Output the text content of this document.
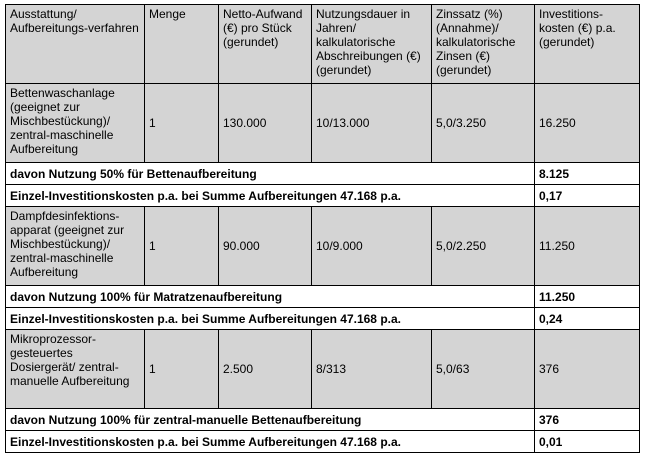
Ausstattung/ Aufbereitungs-verfahren	Menge	Netto-Aufwand (€) pro Stück (gerundet)	Nutzungsdauer in Jahren/ kalkulatorische Abschreibungen (€) (gerundet)	Zinssatz (%) (Annahme)/ kalkulatorische Zinsen (€) (gerundet)	Investitions-kosten (€) p.a. (gerundet)
Bettenwaschanlage (geeignet zur Mischbestückung)/ zentral-maschinelle Aufbereitung	1	130.000	10/13.000	5,0/3.250	16.250
davon Nutzung 50% für Bettenaufbereitung					8.125
Einzel-Investitionskosten p.a. bei Summe Aufbereitungen 47.168 p.a.					0,17
Dampfdesinfektions-apparat (geeignet zur Mischbestückung)/ zentral-maschinelle Aufbereitung	1	90.000	10/9.000	5,0/2.250	11.250
davon Nutzung 100% für Matratzenaufbereitung					11.250
Einzel-Investitionskosten p.a. bei Summe Aufbereitungen 47.168 p.a.					0,24
Mikroprozessor-gesteuertes Dosiergerät/ zentral-manuelle Aufbereitung	1	2.500	8/313	5,0/63	376
davon Nutzung 100% für zentral-manuelle Bettenaufbereitung					376
Einzel-Investitionskosten p.a. bei Summe Aufbereitungen 47.168 p.a.					0,01
